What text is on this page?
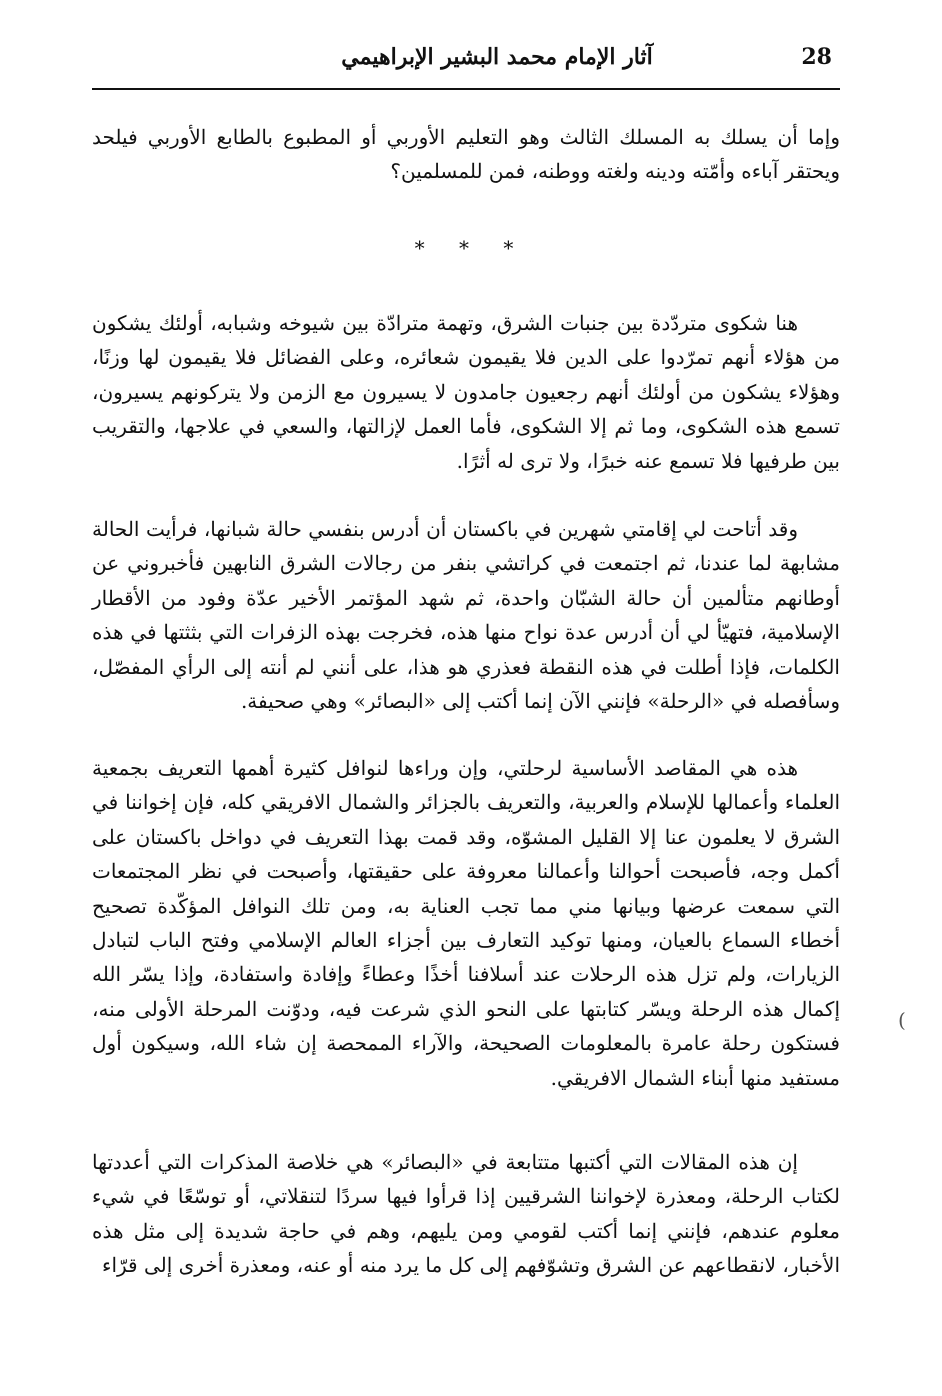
28
آثار الإمام محمد البشير الإبراهيمي

وإما أن يسلك به المسلك الثالث وهو التعليم الأوربي أو المطبوع بالطابع الأوربي فيلحد ويحتقر آباءه وأمّته ودينه ولغته ووطنه، فمن للمسلمين؟

* * *

هنا شكوى متردّدة بين جنبات الشرق، وتهمة مترادّة بين شيوخه وشبابه، أولئك يشكون من هؤلاء أنهم تمرّدوا على الدين فلا يقيمون شعائره، وعلى الفضائل فلا يقيمون لها وزنًا، وهؤلاء يشكون من أولئك أنهم رجعيون جامدون لا يسيرون مع الزمن ولا يتركونهم يسيرون، تسمع هذه الشكوى، وما ثم إلا الشكوى، فأما العمل لإزالتها، والسعي في علاجها، والتقريب بين طرفيها فلا تسمع عنه خبرًا، ولا ترى له أثرًا.

وقد أتاحت لي إقامتي شهرين في باكستان أن أدرس بنفسي حالة شبانها، فرأيت الحالة مشابهة لما عندنا، ثم اجتمعت في كراتشي بنفر من رجالات الشرق النابهين فأخبروني عن أوطانهم متألمين أن حالة الشبّان واحدة، ثم شهد المؤتمر الأخير عدّة وفود من الأقطار الإسلامية، فتهيّأ لي أن أدرس عدة نواح منها هذه، فخرجت بهذه الزفرات التي بثثتها في هذه الكلمات، فإذا أطلت في هذه النقطة فعذري هو هذا، على أنني لم أنته إلى الرأي المفصّل، وسأفصله في «الرحلة» فإنني الآن إنما أكتب إلى «البصائر» وهي صحيفة.

هذه هي المقاصد الأساسية لرحلتي، وإن وراءها لنوافل كثيرة أهمها التعريف بجمعية العلماء وأعمالها للإسلام والعربية، والتعريف بالجزائر والشمال الافريقي كله، فإن إخواننا في الشرق لا يعلمون عنا إلا القليل المشوّه، وقد قمت بهذا التعريف في دواخل باكستان على أكمل وجه، فأصبحت أحوالنا وأعمالنا معروفة على حقيقتها، وأصبحت في نظر المجتمعات التي سمعت عرضها وبيانها مني مما تجب العناية به، ومن تلك النوافل المؤكّدة تصحيح أخطاء السماع بالعيان، ومنها توكيد التعارف بين أجزاء العالم الإسلامي وفتح الباب لتبادل الزيارات، ولم تزل هذه الرحلات عند أسلافنا أخذًا وعطاءً وإفادة واستفادة، وإذا يسّر الله إكمال هذه الرحلة ويسّر كتابتها على النحو الذي شرعت فيه، ودوّنت المرحلة الأولى منه، فستكون رحلة عامرة بالمعلومات الصحيحة، والآراء الممحصة إن شاء الله، وسيكون أول مستفيد منها أبناء الشمال الافريقي.

إن هذه المقالات التي أكتبها متتابعة في «البصائر» هي خلاصة المذكرات التي أعددتها لكتاب الرحلة، ومعذرة لإخواننا الشرقيين إذا قرأوا فيها سردًا لتنقلاتي، أو توسّعًا في شيء معلوم عندهم، فإنني إنما أكتب لقومي ومن يليهم، وهم في حاجة شديدة إلى مثل هذه الأخبار، لانقطاعهم عن الشرق وتشوّفهم إلى كل ما يرد منه أو عنه، ومعذرة أخرى إلى قرّاء

(
